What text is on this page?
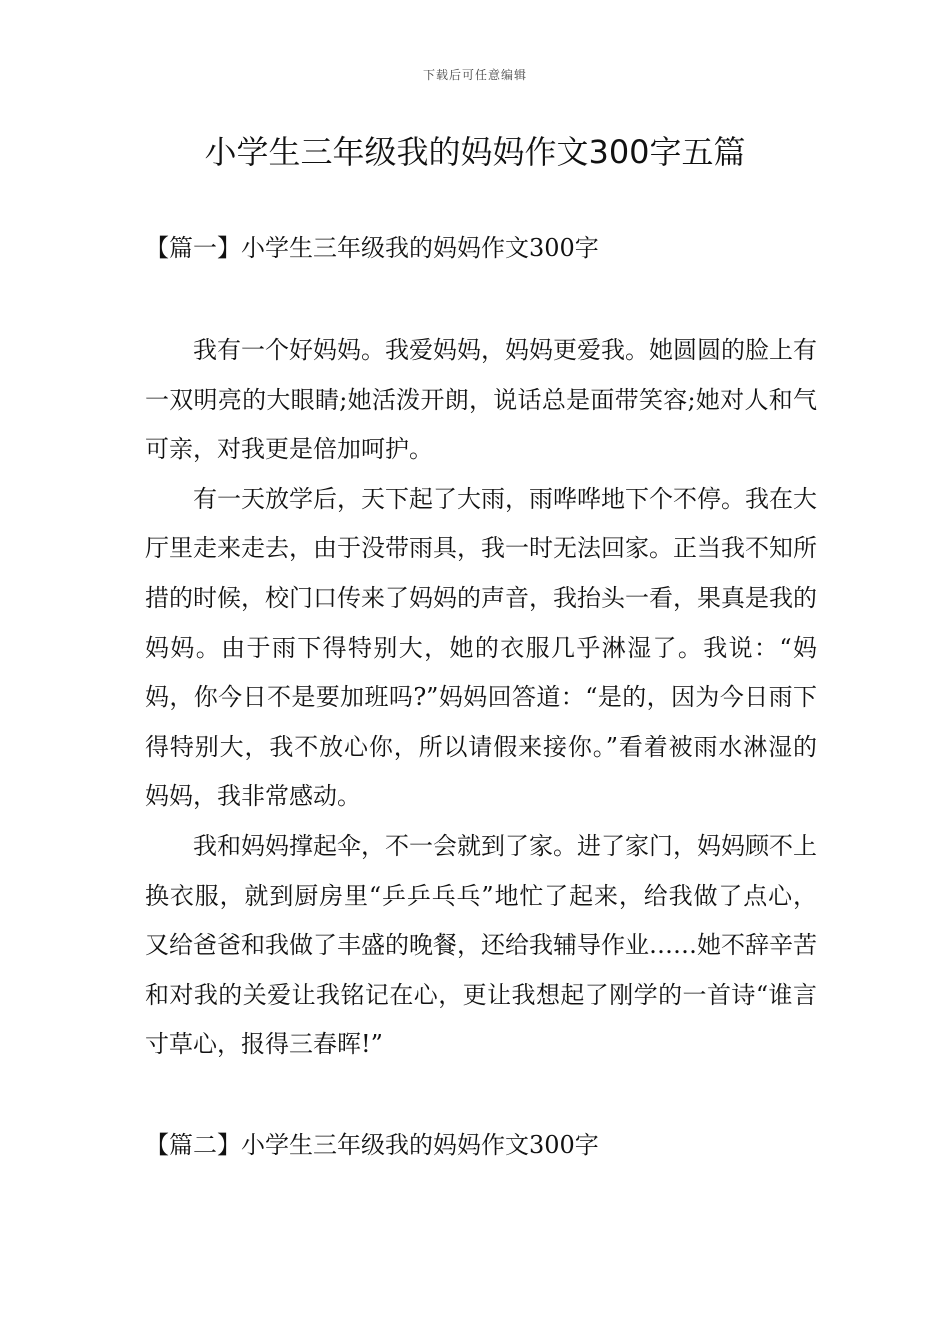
下载后可任意编辑
小学生三年级我的妈妈作文300字五篇
【篇一】小学生三年级我的妈妈作文300字

我有一个好妈妈。我爱妈妈，妈妈更爱我。她圆圆的脸上有一双明亮的大眼睛;她活泼开朗，说话总是面带笑容;她对人和气可亲，对我更是倍加呵护。

有一天放学后，天下起了大雨，雨哗哗地下个不停。我在大厅里走来走去，由于没带雨具，我一时无法回家。正当我不知所措的时候，校门口传来了妈妈的声音，我抬头一看，果真是我的妈妈。由于雨下得特别大，她的衣服几乎淋湿了。我说：“妈妈，你今日不是要加班吗?”妈妈回答道：“是的，因为今日雨下得特别大，我不放心你，所以请假来接你。”看着被雨水淋湿的妈妈，我非常感动。

我和妈妈撑起伞，不一会就到了家。进了家门，妈妈顾不上换衣服，就到厨房里“乒乒乓乓”地忙了起来，给我做了点心，又给爸爸和我做了丰盛的晚餐，还给我辅导作业……她不辞辛苦和对我的关爱让我铭记在心，更让我想起了刚学的一首诗“谁言寸草心，报得三春晖!”

【篇二】小学生三年级我的妈妈作文300字
